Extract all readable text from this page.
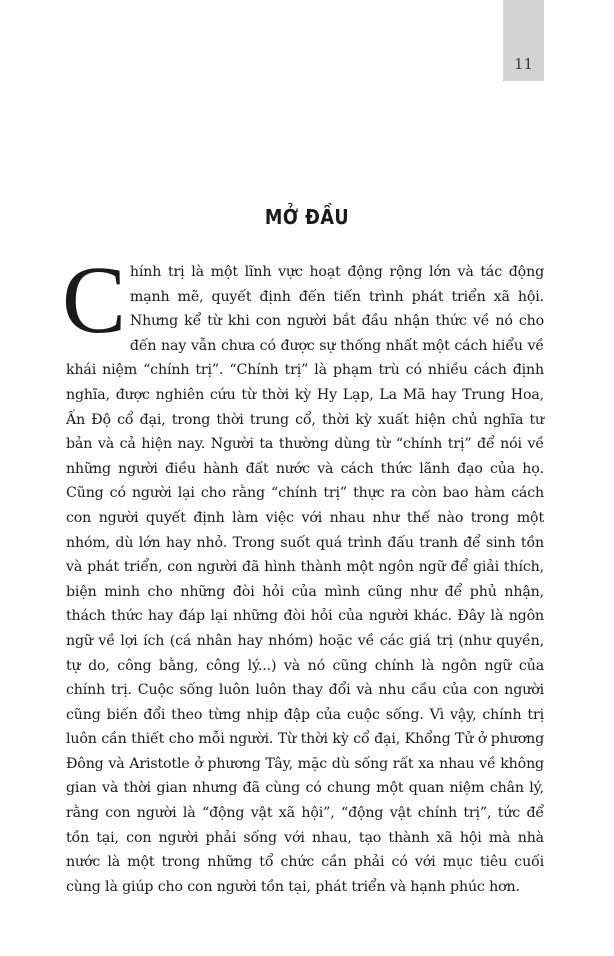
11
MỞ ĐẦU

Chính trị là một lĩnh vực hoạt động rộng lớn và tác động mạnh mẽ, quyết định đến tiến trình phát triển xã hội. Nhưng kể từ khi con người bắt đầu nhận thức về nó cho đến nay vẫn chưa có được sự thống nhất một cách hiểu về khái niệm “chính trị”. “Chính trị” là phạm trù có nhiều cách định nghĩa, được nghiên cứu từ thời kỳ Hy Lạp, La Mã hay Trung Hoa, Ấn Độ cổ đại, trong thời trung cổ, thời kỳ xuất hiện chủ nghĩa tư bản và cả hiện nay. Người ta thường dùng từ “chính trị” để nói về những người điều hành đất nước và cách thức lãnh đạo của họ. Cũng có người lại cho rằng “chính trị” thực ra còn bao hàm cách con người quyết định làm việc với nhau như thế nào trong một nhóm, dù lớn hay nhỏ. Trong suốt quá trình đấu tranh để sinh tồn và phát triển, con người đã hình thành một ngôn ngữ để giải thích, biện minh cho những đòi hỏi của mình cũng như để phủ nhận, thách thức hay đáp lại những đòi hỏi của người khác. Đây là ngôn ngữ về lợi ích (cá nhân hay nhóm) hoặc về các giá trị (như quyền, tự do, công bằng, công lý...) và nó cũng chính là ngôn ngữ của chính trị. Cuộc sống luôn luôn thay đổi và nhu cầu của con người cũng biến đổi theo từng nhịp đập của cuộc sống. Vì vậy, chính trị luôn cần thiết cho mỗi người. Từ thời kỳ cổ đại, Khổng Tử ở phương Đông và Aristotle ở phương Tây, mặc dù sống rất xa nhau về không gian và thời gian nhưng đã cùng có chung một quan niệm chân lý, rằng con người là “động vật xã hội”, “động vật chính trị”, tức để tồn tại, con người phải sống với nhau, tạo thành xã hội mà nhà nước là một trong những tổ chức cần phải có với mục tiêu cuối cùng là giúp cho con người tồn tại, phát triển và hạnh phúc hơn.
